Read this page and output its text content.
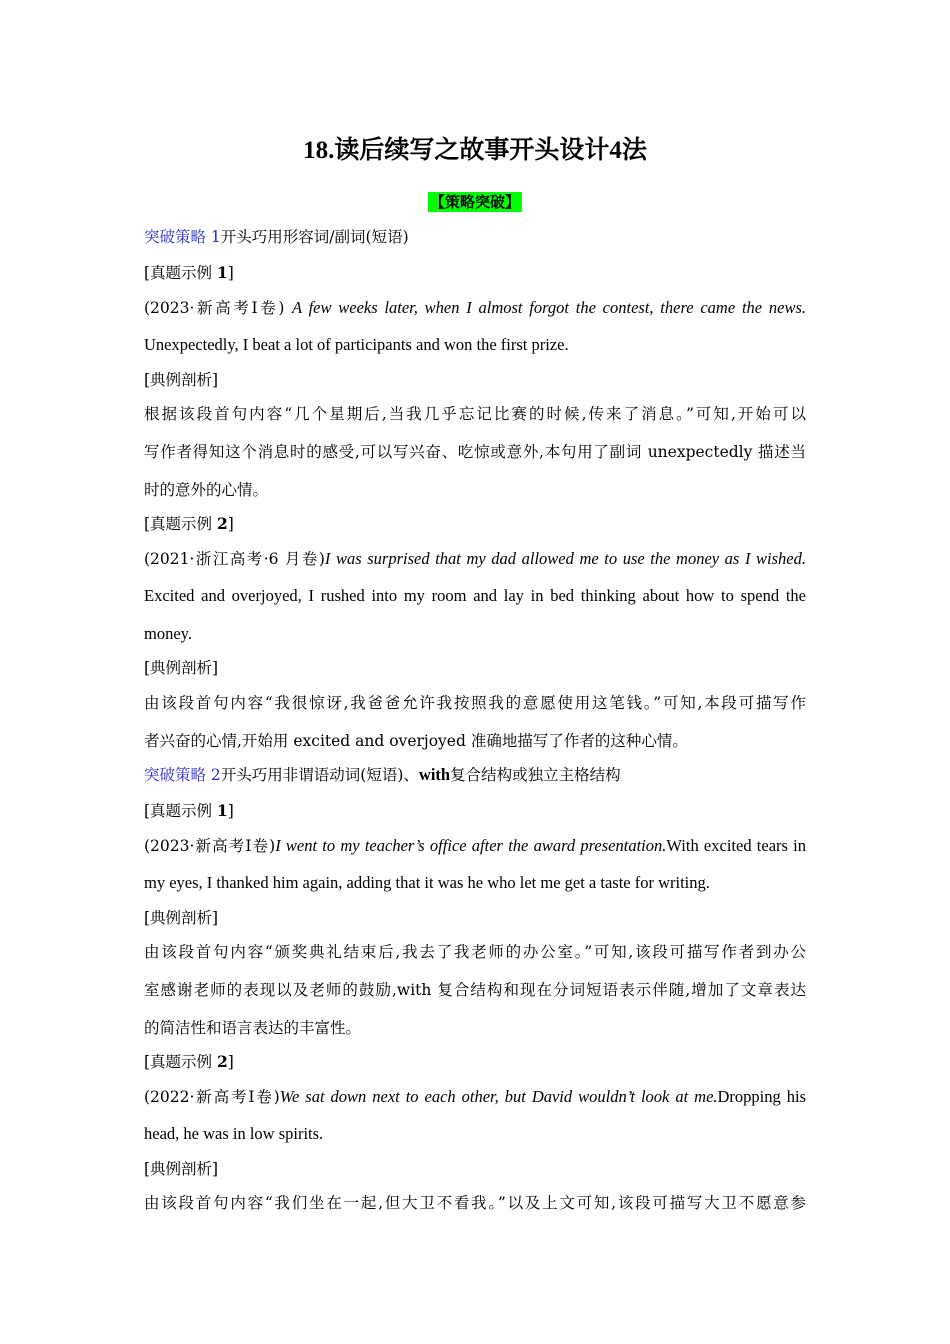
18.读后续写之故事开头设计4法
【策略突破】
突破策略 1开头巧用形容词/副词(短语)
[真题示例 1]
(2023·新高考Ⅰ卷) A few weeks later, when I almost forgot the contest, there came the news.
Unexpectedly, I beat a lot of participants and won the first prize.
[典例剖析]
根据该段首句内容“几个星期后,当我几乎忘记比赛的时候,传来了消息。”可知,开始可以
写作者得知这个消息时的感受,可以写兴奋、吃惊或意外,本句用了副词 unexpectedly 描述当
时的意外的心情。
[真题示例 2]
(2021·浙江高考·6 月卷)I was surprised that my dad allowed me to use the money as I wished.
Excited and overjoyed, I rushed into my room and lay in bed thinking about how to spend the
money.
[典例剖析]
由该段首句内容“我很惊讶,我爸爸允许我按照我的意愿使用这笔钱。”可知,本段可描写作
者兴奋的心情,开始用 excited and overjoyed 准确地描写了作者的这种心情。
突破策略 2开头巧用非谓语动词(短语)、with复合结构或独立主格结构
[真题示例 1]
(2023·新高考Ⅰ卷)I went to my teacher’s office after the award presentation.With excited tears in
my eyes, I thanked him again, adding that it was he who let me get a taste for writing.
[典例剖析]
由该段首句内容“颁奖典礼结束后,我去了我老师的办公室。”可知,该段可描写作者到办公
室感谢老师的表现以及老师的鼓励,with 复合结构和现在分词短语表示伴随,增加了文章表达
的简洁性和语言表达的丰富性。
[真题示例 2]
(2022·新高考Ⅰ卷)We sat down next to each other, but David wouldn’t look at me.Dropping his
head, he was in low spirits.
[典例剖析]
由该段首句内容“我们坐在一起,但大卫不看我。”以及上文可知,该段可描写大卫不愿意参
